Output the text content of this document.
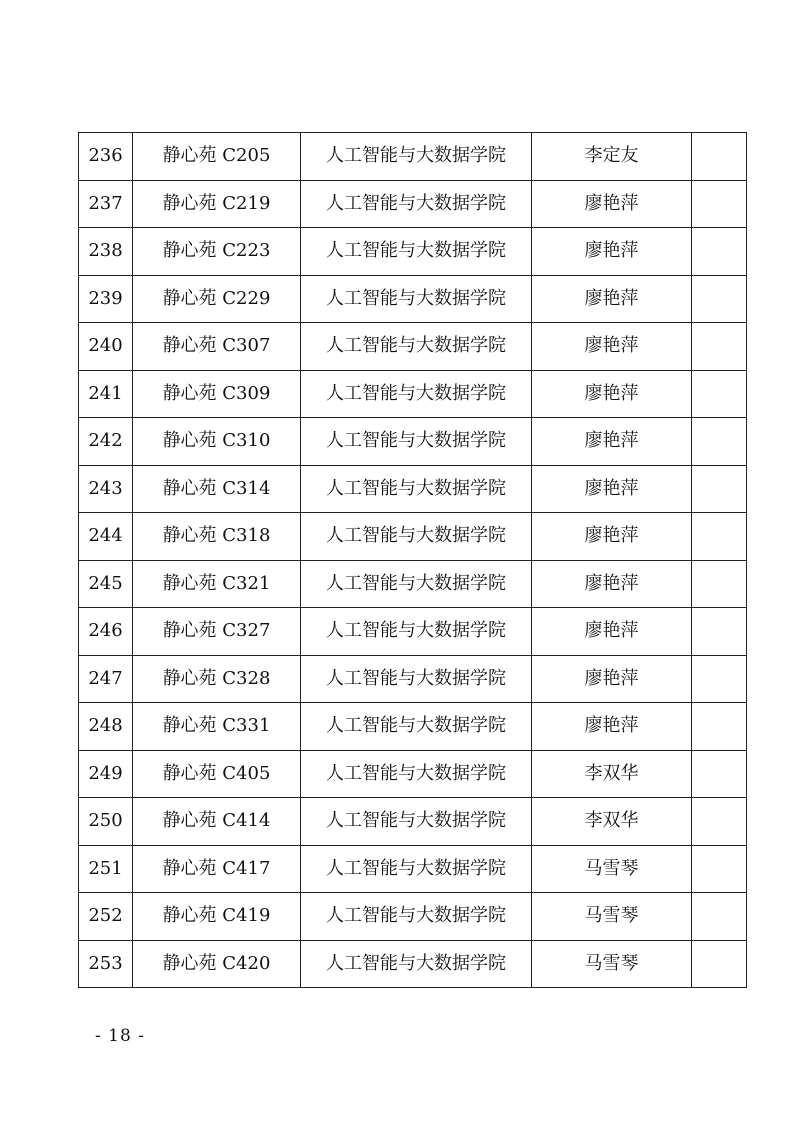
236	静心苑 C205	人工智能与大数据学院	李定友	
237	静心苑 C219	人工智能与大数据学院	廖艳萍	
238	静心苑 C223	人工智能与大数据学院	廖艳萍	
239	静心苑 C229	人工智能与大数据学院	廖艳萍	
240	静心苑 C307	人工智能与大数据学院	廖艳萍	
241	静心苑 C309	人工智能与大数据学院	廖艳萍	
242	静心苑 C310	人工智能与大数据学院	廖艳萍	
243	静心苑 C314	人工智能与大数据学院	廖艳萍	
244	静心苑 C318	人工智能与大数据学院	廖艳萍	
245	静心苑 C321	人工智能与大数据学院	廖艳萍	
246	静心苑 C327	人工智能与大数据学院	廖艳萍	
247	静心苑 C328	人工智能与大数据学院	廖艳萍	
248	静心苑 C331	人工智能与大数据学院	廖艳萍	
249	静心苑 C405	人工智能与大数据学院	李双华	
250	静心苑 C414	人工智能与大数据学院	李双华	
251	静心苑 C417	人工智能与大数据学院	马雪琴	
252	静心苑 C419	人工智能与大数据学院	马雪琴	
253	静心苑 C420	人工智能与大数据学院	马雪琴	
- 18 -
